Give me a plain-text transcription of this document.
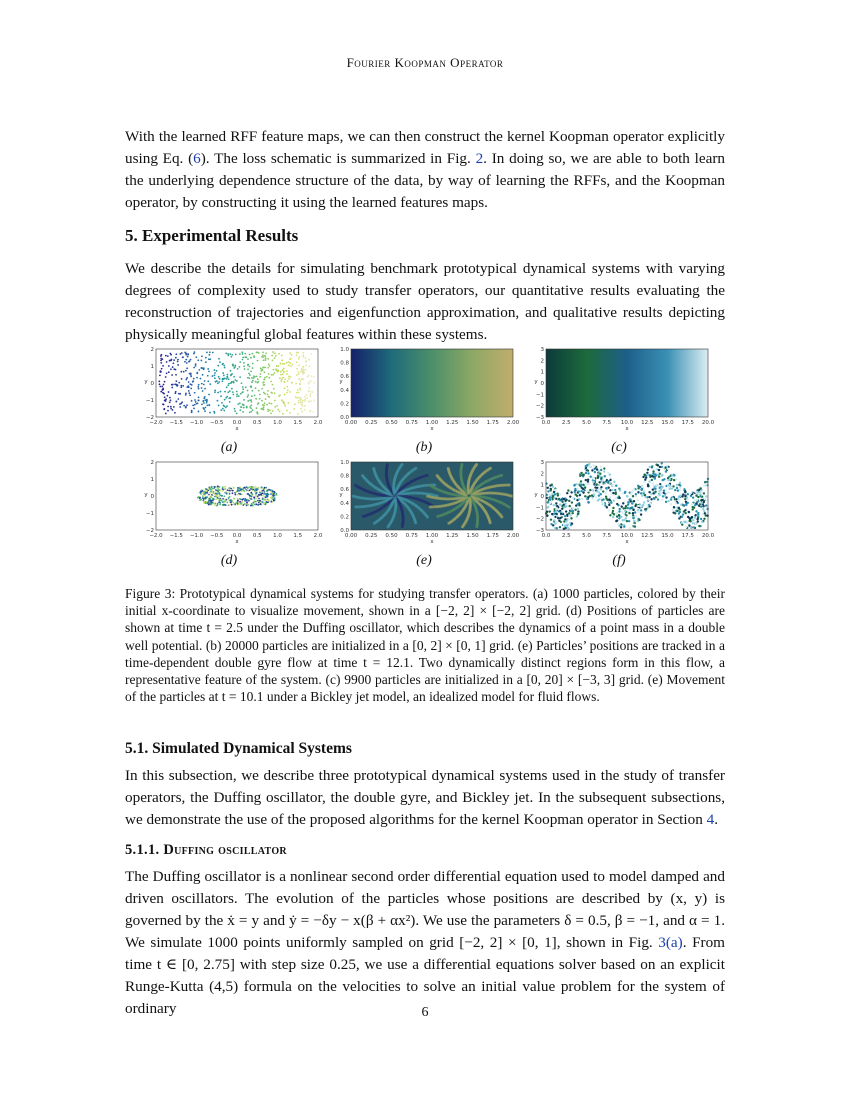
Fourier Koopman Operator

With the learned RFF feature maps, we can then construct the kernel Koopman operator explicitly using Eq. (6). The loss schematic is summarized in Fig. 2. In doing so, we are able to both learn the underlying dependence structure of the data, by way of learning the RFFs, and the Koopman operator, by constructing it using the learned features maps.

5. Experimental Results

We describe the details for simulating benchmark prototypical dynamical systems with varying degrees of complexity used to study transfer operators, our quantitative results evaluating the reconstruction of trajectories and eigenfunction approximation, and qualitative results depicting physically meaningful global features within these systems.

−2.0 −1.5 −1.0 −0.5 0.0 0.5 1.0 1.5 2.0
2
1
0
−1
−2
x
y
0.00 0.25 0.50 0.75 1.00 1.25 1.50 1.75 2.00
1.0
0.8
0.6
0.4
0.2
0.0
x
y
0.0 2.5 5.0 7.5 10.0 12.5 15.0 17.5 20.0
3
2
1
0
−1
−2
−3
x
y
−2.0 −1.5 −1.0 −0.5 0.0 0.5 1.0 1.5 2.0
2
1
0
−1
−2
x
y
0.00 0.25 0.50 0.75 1.00 1.25 1.50 1.75 2.00
1.0
0.8
0.6
0.4
0.2
0.0
x
y
0.0 2.5 5.0 7.5 10.0 12.5 15.0 17.5 20.0
3
2
1
0
−1
−2
−3
x
y
(a)	(b)	(c)
(d)	(e)	(f)

Figure 3: Prototypical dynamical systems for studying transfer operators. (a) 1000 particles, colored by their initial x-coordinate to visualize movement, shown in a [−2, 2] × [−2, 2] grid. (d) Positions of particles are shown at time t = 2.5 under the Duffing oscillator, which describes the dynamics of a point mass in a double well potential. (b) 20000 particles are initialized in a [0, 2] × [0, 1] grid. (e) Particles’ positions are tracked in a time-dependent double gyre flow at time t = 12.1. Two dynamically distinct regions form in this flow, a representative feature of the system. (c) 9900 particles are initialized in a [0, 20] × [−3, 3] grid. (e) Movement of the particles at t = 10.1 under a Bickley jet model, an idealized model for fluid flows.

5.1. Simulated Dynamical Systems

In this subsection, we describe three prototypical dynamical systems used in the study of transfer operators, the Duffing oscillator, the double gyre, and Bickley jet. In the subsequent subsections, we demonstrate the use of the proposed algorithms for the kernel Koopman operator in Section 4.

5.1.1. Duffing oscillator

The Duffing oscillator is a nonlinear second order differential equation used to model damped and driven oscillators. The evolution of the particles whose positions are described by (x, y) is governed by the ẋ = y and ẏ = −δy − x(β + αx²). We use the parameters δ = 0.5, β = −1, and α = 1. We simulate 1000 points uniformly sampled on grid [−2, 2] × [0, 1], shown in Fig. 3(a). From time t ∈ [0, 2.75] with step size 0.25, we use a differential equations solver based on an explicit Runge-Kutta (4,5) formula on the velocities to solve an initial value problem for the system of ordinary	6
